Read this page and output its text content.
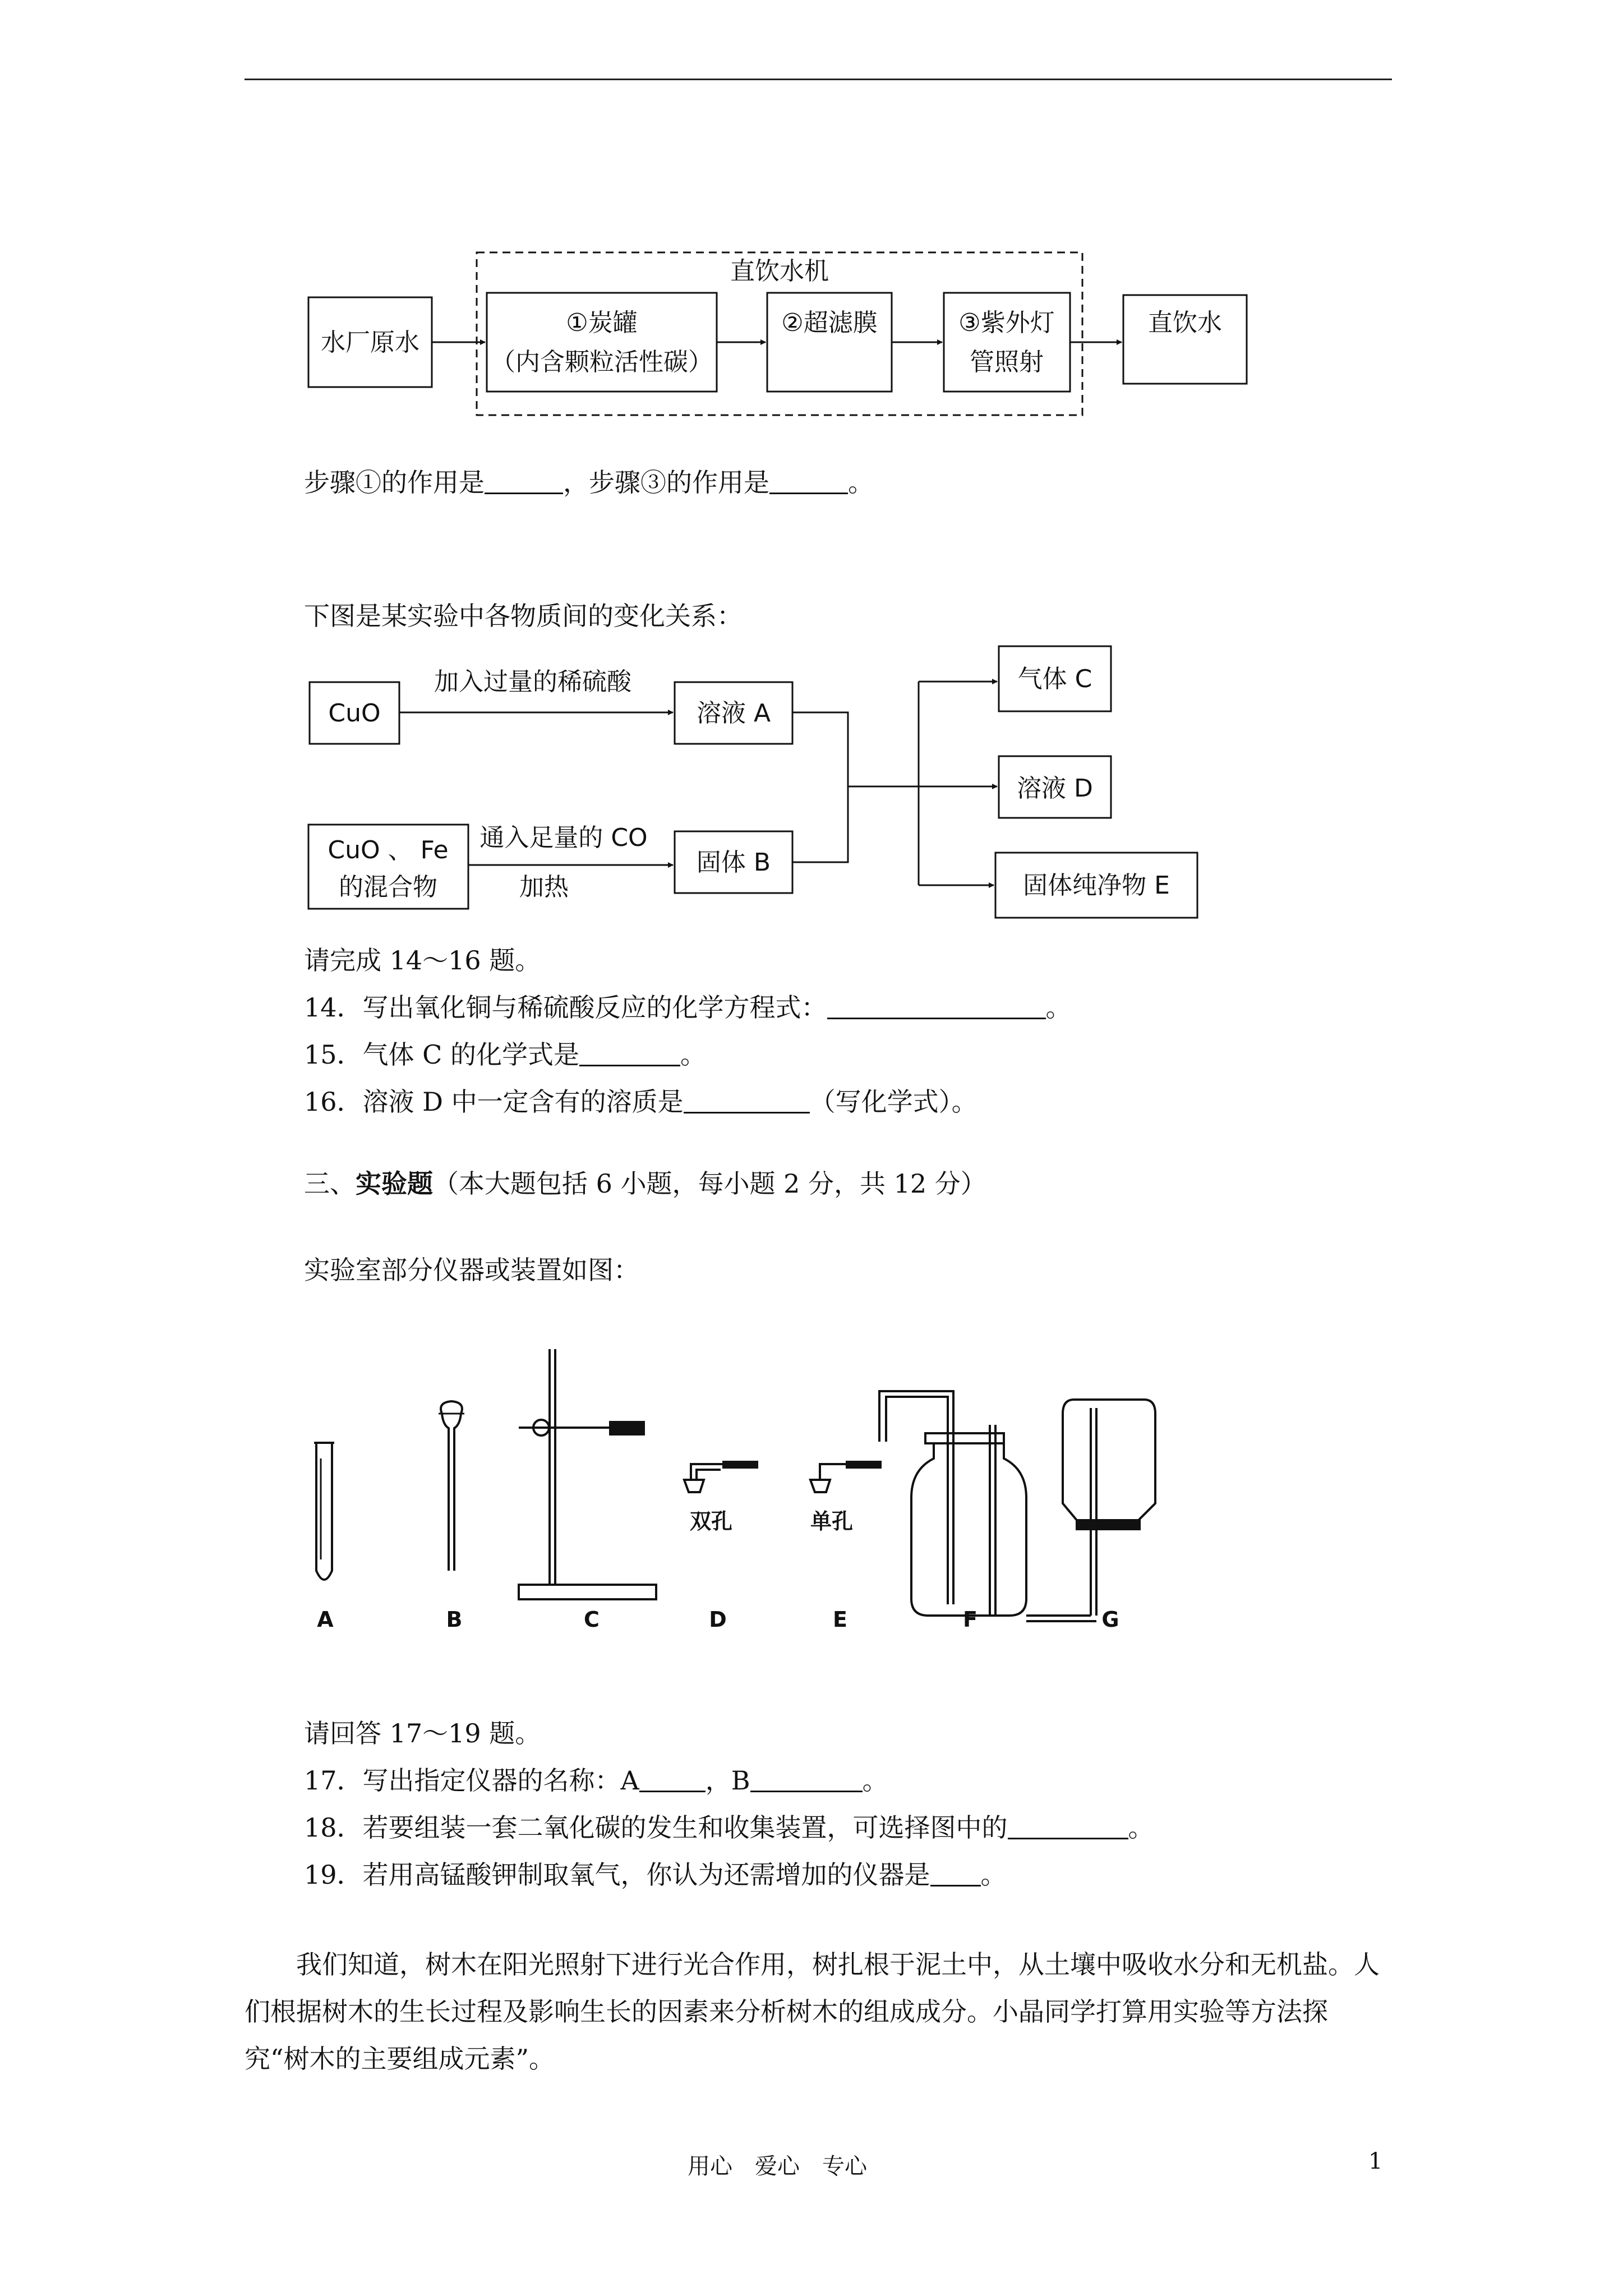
直饮水机
水厂原水
①炭罐
（内含颗粒活性碳）
②超滤膜	③紫外灯
管照射
直饮水
步骤①的作用是	，步骤③的作用是	。
下图是某实验中各物质间的变化关系：
CuO
加入过量的稀硫酸
溶液 A
CuO 、 Fe
的混合物
通入足量的 CO
加热
固体 B
气体 C
溶液 D
固体纯净物 E
请完成 14～16 题。
14．写出氧化铜与稀硫酸反应的化学方程式：	。
15．气体 C 的化学式是	。
16．溶液 D 中一定含有的溶质是	（写化学式）。
三、实验题（本大题包括 6 小题，每小题 2 分，共 12 分）
实验室部分仪器或装置如图：
双孔	单孔
A	B	C	D	E	F	G
请回答 17～19 题。
17．写出指定仪器的名称：A	，B	。
18．若要组装一套二氧化碳的发生和收集装置，可选择图中的	。
19．若用高锰酸钾制取氧气，你认为还需增加的仪器是 。
我们知道，树木在阳光照射下进行光合作用，树扎根于泥土中，从土壤中吸收水分和无机盐。人们根据树木的生长过程及影响生长的因素来分析树木的组成成分。小晶同学打算用实验等方法探究“树木的主要组成元素”。
用心　爱心　专心	1
